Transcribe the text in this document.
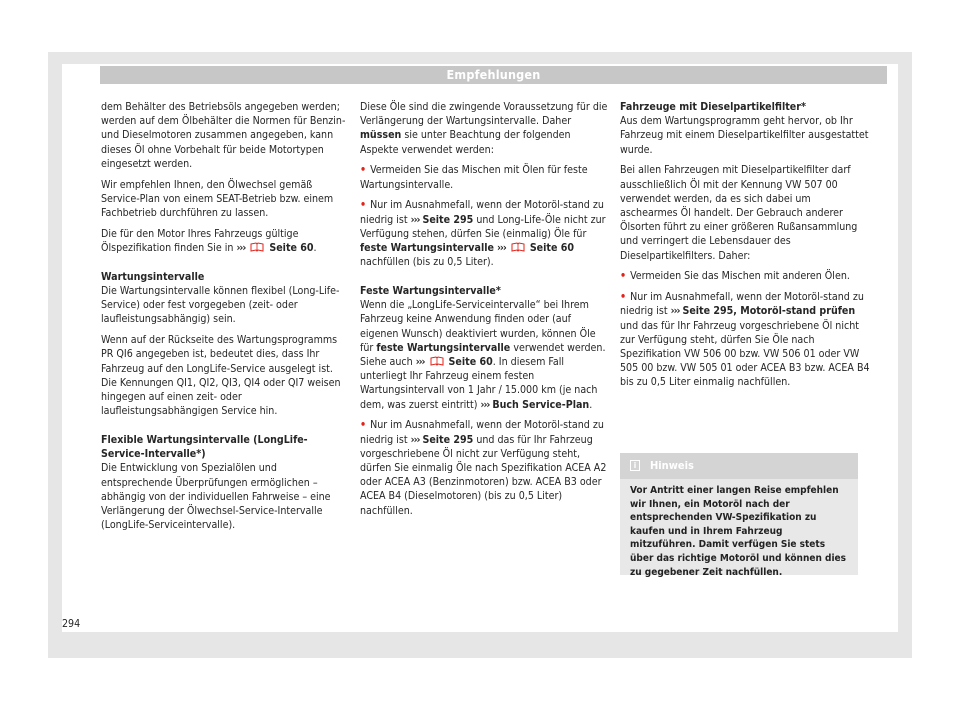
Empfehlungen

dem Behälter des Betriebsöls angegeben werden; werden auf dem Ölbehälter die Normen für Benzin- und Dieselmotoren zusammen angegeben, kann dieses Öl ohne Vorbehalt für beide Motortypen eingesetzt werden.

Wir empfehlen Ihnen, den Ölwechsel gemäß Service-Plan von einem SEAT-Betrieb bzw. einem Fachbetrieb durchführen zu lassen.

Die für den Motor Ihres Fahrzeugs gültige Ölspezifikation finden Sie in ››› Seite 60.

Wartungsintervalle

Die Wartungsintervalle können flexibel (Long-Life-Service) oder fest vorgegeben (zeit- oder laufleistungsabhängig) sein.

Wenn auf der Rückseite des Wartungsprogramms PR QI6 angegeben ist, bedeutet dies, dass Ihr Fahrzeug auf den LongLife-Service ausgelegt ist. Die Kennungen QI1, QI2, QI3, QI4 oder QI7 weisen hingegen auf einen zeit- oder laufleistungsabhängigen Service hin.

Flexible Wartungsintervalle (LongLife-Service-Intervalle*)

Die Entwicklung von Spezialölen und entsprechende Überprüfungen ermöglichen – abhängig von der individuellen Fahrweise – eine Verlängerung der Ölwechsel-Service-Intervalle (LongLife-Serviceintervalle).

Diese Öle sind die zwingende Voraussetzung für die Verlängerung der Wartungsintervalle. Daher müssen sie unter Beachtung der folgenden Aspekte verwendet werden:

• Vermeiden Sie das Mischen mit Ölen für feste Wartungsintervalle.

• Nur im Ausnahmefall, wenn der Motoröl-stand zu niedrig ist ››› Seite 295 und Long-Life-Öle nicht zur Verfügung stehen, dürfen Sie (einmalig) Öle für feste Wartungsintervalle ››› Seite 60 nachfüllen (bis zu 0,5 Liter).

Feste Wartungsintervalle*

Wenn die „LongLife-Serviceintervalle“ bei Ihrem Fahrzeug keine Anwendung finden oder (auf eigenen Wunsch) deaktiviert wurden, können Öle für feste Wartungsintervalle verwendet werden. Siehe auch ››› Seite 60. In diesem Fall unterliegt Ihr Fahrzeug einem festen Wartungsintervall von 1 Jahr / 15.000 km (je nach dem, was zuerst eintritt) ››› Buch Service-Plan.

• Nur im Ausnahmefall, wenn der Motoröl-stand zu niedrig ist ››› Seite 295 und das für Ihr Fahrzeug vorgeschriebene Öl nicht zur Verfügung steht, dürfen Sie einmalig Öle nach Spezifikation ACEA A2 oder ACEA A3 (Benzinmotoren) bzw. ACEA B3 oder ACEA B4 (Dieselmotoren) (bis zu 0,5 Liter) nachfüllen.

Fahrzeuge mit Dieselpartikelfilter*

Aus dem Wartungsprogramm geht hervor, ob Ihr Fahrzeug mit einem Dieselpartikelfilter ausgestattet wurde.

Bei allen Fahrzeugen mit Dieselpartikelfilter darf ausschließlich Öl mit der Kennung VW 507 00 verwendet werden, da es sich dabei um aschearmes Öl handelt. Der Gebrauch anderer Ölsorten führt zu einer größeren Rußansammlung und verringert die Lebensdauer des Dieselpartikelfilters. Daher:

• Vermeiden Sie das Mischen mit anderen Ölen.

• Nur im Ausnahmefall, wenn der Motoröl-stand zu niedrig ist ››› Seite 295, Motoröl-stand prüfen und das für Ihr Fahrzeug vorgeschriebene Öl nicht zur Verfügung steht, dürfen Sie Öle nach Spezifikation VW 506 00 bzw. VW 506 01 oder VW 505 00 bzw. VW 505 01 oder ACEA B3 bzw. ACEA B4 bis zu 0,5 Liter einmalig nachfüllen.

i	Hinweis
Vor Antritt einer langen Reise empfehlen wir Ihnen, ein Motoröl nach der entsprechenden VW-Spezifikation zu kaufen und in Ihrem Fahrzeug mitzuführen. Damit verfügen Sie stets über das richtige Motoröl und können dies zu gegebener Zeit nachfüllen.
294
